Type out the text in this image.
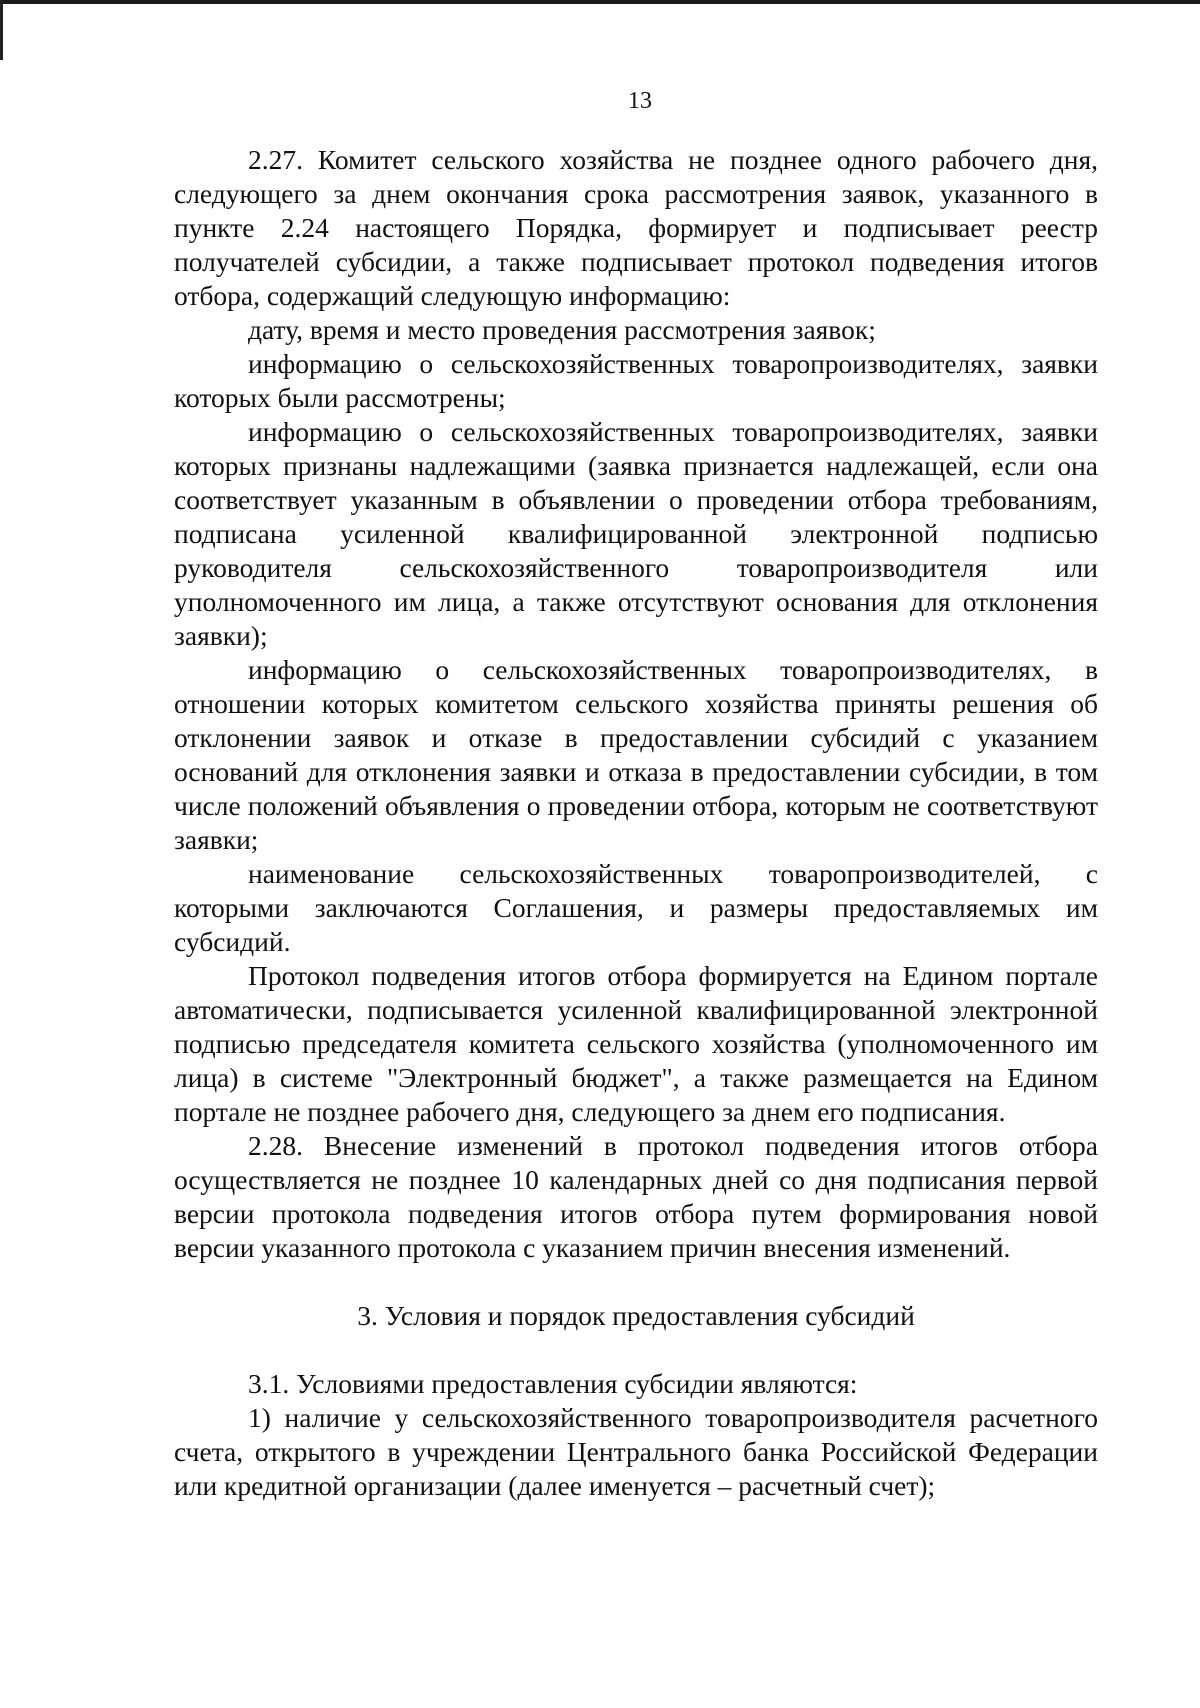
13

2.27. Комитет сельского хозяйства не позднее одного рабочего дня, следующего за днем окончания срока рассмотрения заявок, указанного в пункте 2.24 настоящего Порядка, формирует и подписывает реестр получателей субсидии, а также подписывает протокол подведения итогов отбора, содержащий следующую информацию:

дату, время и место проведения рассмотрения заявок;

информацию о сельскохозяйственных товаропроизводителях, заявки которых были рассмотрены;

информацию о сельскохозяйственных товаропроизводителях, заявки которых признаны надлежащими (заявка признается надлежащей, если она соответствует указанным в объявлении о проведении отбора требованиям, подписана усиленной квалифицированной электронной подписью руководителя сельскохозяйственного товаропроизводителя или уполномоченного им лица, а также отсутствуют основания для отклонения заявки);

информацию о сельскохозяйственных товаропроизводителях, в отношении которых комитетом сельского хозяйства приняты решения об отклонении заявок и отказе в предоставлении субсидий с указанием оснований для отклонения заявки и отказа в предоставлении субсидии, в том числе положений объявления о проведении отбора, которым не соответствуют заявки;

наименование сельскохозяйственных товаропроизводителей, с которыми заключаются Соглашения, и размеры предоставляемых им субсидий.

Протокол подведения итогов отбора формируется на Едином портале автоматически, подписывается усиленной квалифицированной электронной подписью председателя комитета сельского хозяйства (уполномоченного им лица) в системе "Электронный бюджет", а также размещается на Едином портале не позднее рабочего дня, следующего за днем его подписания.

2.28. Внесение изменений в протокол подведения итогов отбора осуществляется не позднее 10 календарных дней со дня подписания первой версии протокола подведения итогов отбора путем формирования новой версии указанного протокола с указанием причин внесения изменений.

3. Условия и порядок предоставления субсидий

3.1. Условиями предоставления субсидии являются:

1) наличие у сельскохозяйственного товаропроизводителя расчетного счета, открытого в учреждении Центрального банка Российской Федерации или кредитной организации (далее именуется – расчетный счет);
